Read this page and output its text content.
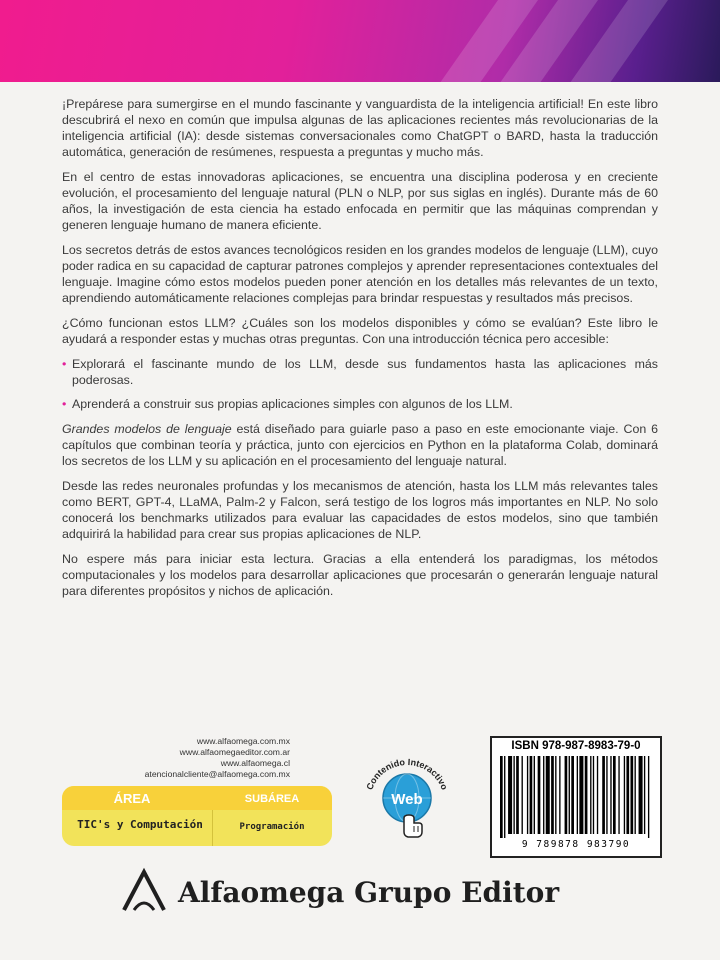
¡Prepárese para sumergirse en el mundo fascinante y vanguardista de la inteligencia artificial! En este libro descubrirá el nexo en común que impulsa algunas de las aplicaciones recientes más revolucionarias de la inteligencia artificial (IA): desde sistemas conversacionales como ChatGPT o BARD, hasta la traducción automática, generación de resúmenes, respuesta a preguntas y mucho más.

En el centro de estas innovadoras aplicaciones, se encuentra una disciplina poderosa y en creciente evolución, el procesamiento del lenguaje natural (PLN o NLP, por sus siglas en inglés). Durante más de 60 años, la investigación de esta ciencia ha estado enfocada en permitir que las máquinas comprendan y generen lenguaje humano de manera eficiente.

Los secretos detrás de estos avances tecnológicos residen en los grandes modelos de lenguaje (LLM), cuyo poder radica en su capacidad de capturar patrones complejos y aprender representaciones contextuales del lenguaje. Imagine cómo estos modelos pueden poner atención en los detalles más relevantes de un texto, aprendiendo automáticamente relaciones complejas para brindar respuestas y resultados más precisos.

¿Cómo funcionan estos LLM? ¿Cuáles son los modelos disponibles y cómo se evalúan? Este libro le ayudará a responder estas y muchas otras preguntas. Con una introducción técnica pero accesible:

• Explorará el fascinante mundo de los LLM, desde sus fundamentos hasta las aplicaciones más poderosas.
• Aprenderá a construir sus propias aplicaciones simples con algunos de los LLM.

Grandes modelos de lenguaje está diseñado para guiarle paso a paso en este emocionante viaje. Con 6 capítulos que combinan teoría y práctica, junto con ejercicios en Python en la plataforma Colab, dominará los secretos de los LLM y su aplicación en el procesamiento del lenguaje natural.

Desde las redes neuronales profundas y los mecanismos de atención, hasta los LLM más relevantes tales como BERT, GPT-4, LLaMA, Palm-2 y Falcon, será testigo de los logros más importantes en NLP. No solo conocerá los benchmarks utilizados para evaluar las capacidades de estos modelos, sino que también adquirirá la habilidad para crear sus propias aplicaciones de NLP.

No espere más para iniciar esta lectura. Gracias a ella entenderá los paradigmas, los métodos computacionales y los modelos para desarrollar aplicaciones que procesarán o generarán lenguaje natural para diferentes propósitos y nichos de aplicación.

www.alfaomega.com.mx
www.alfaomegaeditor.com.ar
www.alfaomega.cl
atencionalcliente@alfaomega.com.mx
ÁREA	SUBÁREA
TIC's y Computación	Programación
Contenido Interactivo
Web
ISBN 978-987-8983-79-0
9 789878 983790
Alfaomega Grupo Editor
